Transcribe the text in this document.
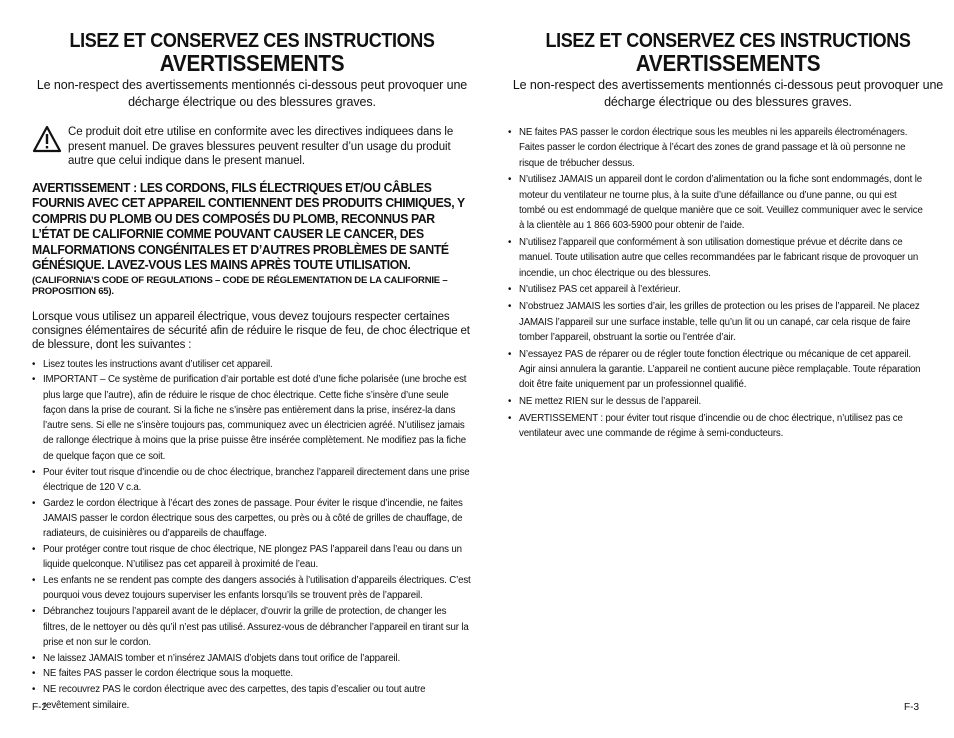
LISEZ ET CONSERVEZ CES INSTRUCTIONS
AVERTISSEMENTS
Le non-respect des avertissements mentionnés ci-dessous peut provoquer une décharge électrique ou des blessures graves.
Ce produit doit etre utilise en conformite avec les directives indiquees dans le present manuel. De graves blessures peuvent resulter d’un usage du produit autre que celui indique dans le present manuel.
AVERTISSEMENT : LES CORDONS, FILS ÉLECTRIQUES ET/OU CÂBLES FOURNIS AVEC CET APPAREIL CONTIENNENT DES PRODUITS CHIMIQUES, Y COMPRIS DU PLOMB OU DES COMPOSÉS DU PLOMB, RECONNUS PAR L’ÉTAT DE CALIFORNIE COMME POUVANT CAUSER LE CANCER, DES MALFORMATIONS CONGÉNITALES ET D’AUTRES PROBLÈMES DE SANTÉ GÉNÉSIQUE. LAVEZ-VOUS LES MAINS APRÈS TOUTE UTILISATION.
(CALIFORNIA’S CODE OF REGULATIONS – CODE DE RÉGLEMENTATION DE LA CALIFORNIE – PROPOSITION 65).
Lorsque vous utilisez un appareil électrique, vous devez toujours respecter certaines consignes élémentaires de sécurité afin de réduire le risque de feu, de choc électrique et de blessure, dont les suivantes :
• Lisez toutes les instructions avant d’utiliser cet appareil.
• IMPORTANT – Ce système de purification d’air portable est doté d’une fiche polarisée (une broche est plus large que l’autre), afin de réduire le risque de choc électrique. Cette fiche s’insère d’une seule façon dans la prise de courant. Si la fiche ne s’insère pas entièrement dans la prise, insérez-la dans l’autre sens. Si elle ne s’insère toujours pas, communiquez avec un électricien agréé. N’utilisez jamais de rallonge électrique à moins que la prise puisse être insérée complètement. Ne modifiez pas la fiche de quelque façon que ce soit.
• Pour éviter tout risque d’incendie ou de choc électrique, branchez l’appareil directement dans une prise électrique de 120 V c.a.
• Gardez le cordon électrique à l’écart des zones de passage. Pour éviter le risque d’incendie, ne faites JAMAIS passer le cordon électrique sous des carpettes, ou près ou à côté de grilles de chauffage, de radiateurs, de cuisinières ou d’appareils de chauffage.
• Pour protéger contre tout risque de choc électrique, NE plongez PAS l’appareil dans l’eau ou dans un liquide quelconque. N’utilisez pas cet appareil à proximité de l’eau.
• Les enfants ne se rendent pas compte des dangers associés à l’utilisation d’appareils électriques. C’est pourquoi vous devez toujours superviser les enfants lorsqu’ils se trouvent près de l’appareil.
• Débranchez toujours l’appareil avant de le déplacer, d’ouvrir la grille de protection, de changer les filtres, de le nettoyer ou dès qu’il n’est pas utilisé. Assurez-vous de débrancher l’appareil en tirant sur la prise et non sur le cordon.
• Ne laissez JAMAIS tomber et n’insérez JAMAIS d’objets dans tout orifice de l’appareil.
• NE faites PAS passer le cordon électrique sous la moquette.
• NE recouvrez PAS le cordon électrique avec des carpettes, des tapis d’escalier ou tout autre revêtement similaire.
F-2
LISEZ ET CONSERVEZ CES INSTRUCTIONS
AVERTISSEMENTS
Le non-respect des avertissements mentionnés ci-dessous peut provoquer une décharge électrique ou des blessures graves.
• NE faites PAS passer le cordon électrique sous les meubles ni les appareils électroménagers. Faites passer le cordon électrique à l’écart des zones de grand passage et là où personne ne risque de trébucher dessus.
• N’utilisez JAMAIS un appareil dont le cordon d’alimentation ou la fiche sont endommagés, dont le moteur du ventilateur ne tourne plus, à la suite d’une défaillance ou d’une panne, ou qui est tombé ou est endommagé de quelque manière que ce soit. Veuillez communiquer avec le service à la clientèle au 1 866 603-5900 pour obtenir de l’aide.
• N’utilisez l’appareil que conformément à son utilisation domestique prévue et décrite dans ce manuel. Toute utilisation autre que celles recommandées par le fabricant risque de provoquer un incendie, un choc électrique ou des blessures.
• N’utilisez PAS cet appareil à l’extérieur.
• N’obstruez JAMAIS les sorties d’air, les grilles de protection ou les prises de l’appareil. Ne placez JAMAIS l’appareil sur une surface instable, telle qu’un lit ou un canapé, car cela risque de faire tomber l’appareil, obstruant la sortie ou l’entrée d’air.
• N’essayez PAS de réparer ou de régler toute fonction électrique ou mécanique de cet appareil. Agir ainsi annulera la garantie. L’appareil ne contient aucune pièce remplaçable. Toute réparation doit être faite uniquement par un professionnel qualifié.
• NE mettez RIEN sur le dessus de l’appareil.
• AVERTISSEMENT : pour éviter tout risque d’incendie ou de choc électrique, n’utilisez pas ce ventilateur avec une commande de régime à semi-conducteurs.
F-3
